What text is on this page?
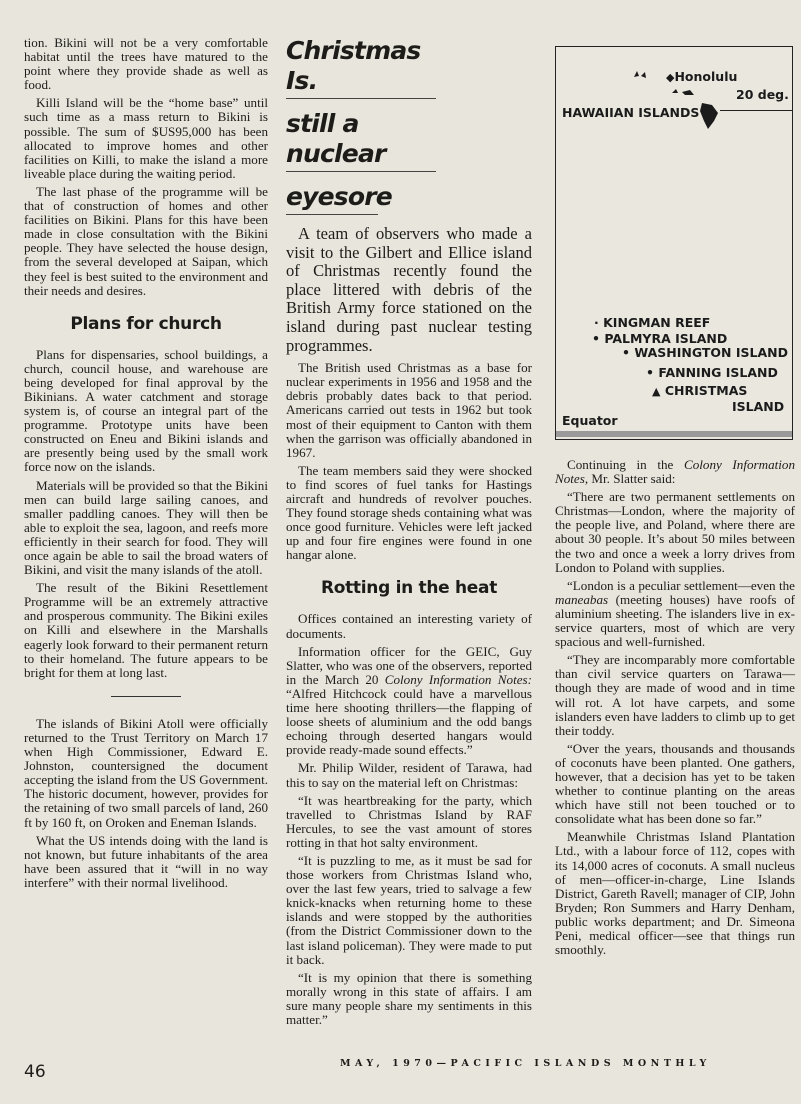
tion. Bikini will not be a very comfortable habitat until the trees have matured to the point where they provide shade as well as food.

Killi Island will be the “home base” until such time as a mass return to Bikini is possible. The sum of $US95,000 has been allocated to improve homes and other facilities on Killi, to make the island a more liveable place during the waiting period.

The last phase of the programme will be that of construction of homes and other facilities on Bikini. Plans for this have been made in close consultation with the Bikini people. They have selected the house design, from the several developed at Saipan, which they feel is best suited to the environment and their needs and desires.

Plans for church

Plans for dispensaries, school buildings, a church, council house, and warehouse are being developed for final approval by the Bikinians. A water catchment and storage system is, of course an integral part of the programme. Prototype units have been constructed on Eneu and Bikini islands and are presently being used by the small work force now on the islands.

Materials will be provided so that the Bikini men can build large sailing canoes, and smaller paddling canoes. They will then be able to exploit the sea, lagoon, and reefs more efficiently in their search for food. They will once again be able to sail the broad waters of Bikini, and visit the many islands of the atoll.

The result of the Bikini Resettlement Programme will be an extremely attractive and prosperous community. The Bikini exiles on Killi and elsewhere in the Marshalls eagerly look forward to their permanent return to their homeland. The future appears to be bright for them at long last.

The islands of Bikini Atoll were officially returned to the Trust Territory on March 17 when High Commissioner, Edward E. Johnston, countersigned the document accepting the island from the US Government. The historic document, however, provides for the retaining of two small parcels of land, 260 ft by 160 ft, on Oroken and Eneman Islands.

What the US intends doing with the land is not known, but future inhabitants of the area have been assured that it “will in no way interfere” with their normal livelihood.

Christmas Is.
still a nuclear
eyesore

A team of observers who made a visit to the Gilbert and Ellice island of Christmas recently found the place littered with debris of the British Army force stationed on the island during past nuclear testing programmes.

The British used Christmas as a base for nuclear experiments in 1956 and 1958 and the debris probably dates back to that period. Americans carried out tests in 1962 but took most of their equipment to Canton with them when the garrison was officially abandoned in 1967.

The team members said they were shocked to find scores of fuel tanks for Hastings aircraft and hundreds of revolver pouches. They found storage sheds containing what was once good furniture. Vehicles were left jacked up and four fire engines were found in one hangar alone.

Rotting in the heat

Offices contained an interesting variety of documents.

Information officer for the GEIC, Guy Slatter, who was one of the observers, reported in the March 20 Colony Information Notes: “Alfred Hitchcock could have a marvellous time here shooting thrillers—the flapping of loose sheets of aluminium and the odd bangs echoing through deserted hangars would provide ready-made sound effects.”

Mr. Philip Wilder, resident of Tarawa, had this to say on the material left on Christmas:

“It was heartbreaking for the party, which travelled to Christmas Island by RAF Hercules, to see the vast amount of stores rotting in that hot salty environment.

“It is puzzling to me, as it must be sad for those workers from Christmas Island who, over the last few years, tried to salvage a few knick-knacks when returning home to these islands and were stopped by the authorities (from the District Commissioner down to the last island policeman). They were made to put it back.

“It is my opinion that there is something morally wrong in this state of affairs. I am sure many people share my sentiments in this matter.”

◆Honolulu
20 deg.
HAWAIIAN ISLANDS
· KINGMAN REEF
• PALMYRA ISLAND
• WASHINGTON ISLAND
• FANNING ISLAND
▲ CHRISTMAS
ISLAND
Equator

Continuing in the Colony Information Notes, Mr. Slatter said:

“There are two permanent settlements on Christmas—London, where the majority of the people live, and Poland, where there are about 30 people. It’s about 50 miles between the two and once a week a lorry drives from London to Poland with supplies.

“London is a peculiar settlement—even the maneabas (meeting houses) have roofs of aluminium sheeting. The islanders live in ex-service quarters, most of which are very spacious and well-furnished.

“They are incomparably more comfortable than civil service quarters on Tarawa—though they are made of wood and in time will rot. A lot have carpets, and some islanders even have ladders to climb up to get their toddy.

“Over the years, thousands and thousands of coconuts have been planted. One gathers, however, that a decision has yet to be taken whether to continue planting on the areas which have still not been touched or to consolidate what has been done so far.”

Meanwhile Christmas Island Plantation Ltd., with a labour force of 112, copes with its 14,000 acres of coconuts. A small nucleus of men—officer-in-charge, Line Islands District, Gareth Ravell; manager of CIP, John Bryden; Ron Summers and Harry Denham, public works department; and Dr. Simeona Peni, medical officer—see that things run smoothly.

46	MAY, 1970—PACIFIC ISLANDS MONTHLY
